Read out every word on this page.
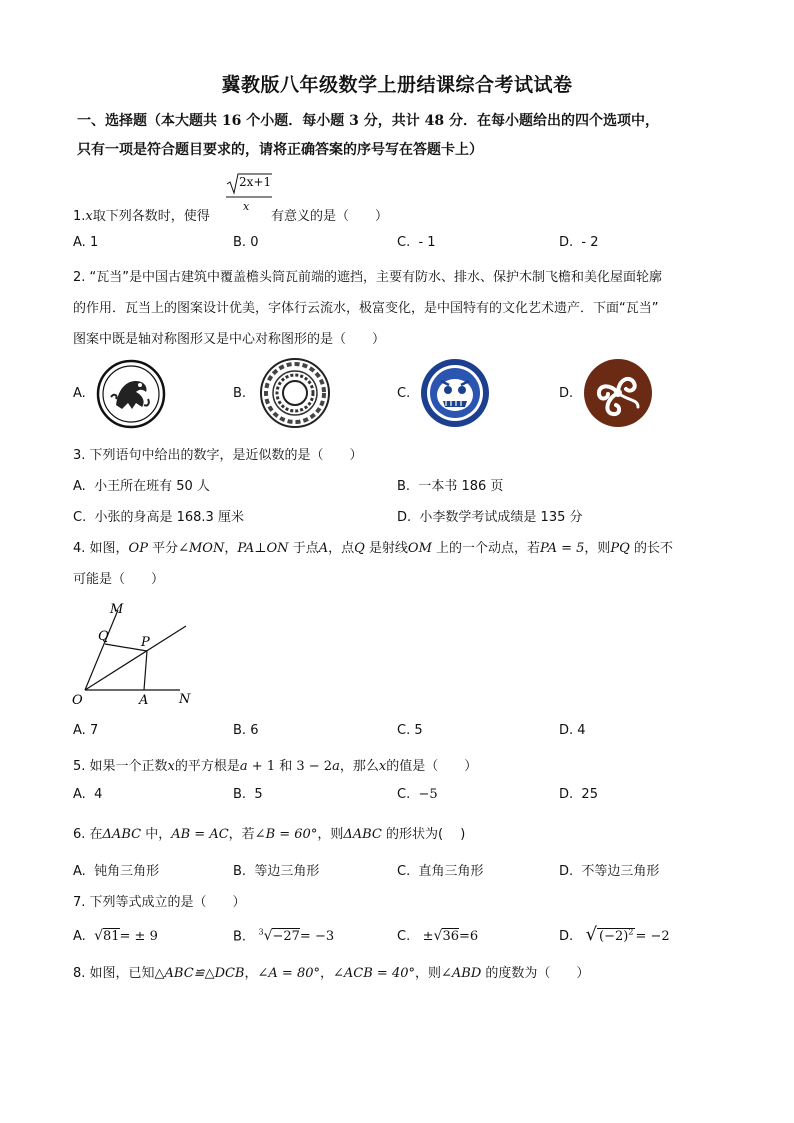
冀教版八年级数学上册结课综合考试试卷
一、选择题（本大题共 16 个小题．每小题 3 分，共计 48 分．在每小题给出的四个选项中，
只有一项是符合题目要求的，请将正确答案的序号写在答题卡上）
1.x取下列各数时，使得
2x+1
x
有意义的是（　　）
A. 1	B. 0	C. - 1	D. - 2
2. “瓦当”是中国古建筑中覆盖檐头筒瓦前端的遮挡，主要有防水、排水、保护木制飞檐和美化屋面轮廓
的作用．瓦当上的图案设计优美，字体行云流水，极富变化，是中国特有的文化艺术遗产．下面“瓦当”
图案中既是轴对称图形又是中心对称图形的是（　　）
A.	B.	C.	D.
3. 下列语句中给出的数字，是近似数的是（　　）
A. 小王所在班有 50 人	B. 一本书 186 页
C. 小张的身高是 168.3 厘米	D. 小李数学考试成绩是 135 分
4. 如图，OP 平分∠MON，PA⊥ON 于点A，点Q 是射线OM 上的一个动点，若PA = 5，则PQ 的长不
可能是（　　）
M
Q P
O	A N
A. 7	B. 6	C. 5	D. 4
5. 如果一个正数x的平方根是a + 1 和 3 − 2a，那么x的值是（　　）
A. 4	B. 5	C. −5	D. 25
6. 在ΔABC 中，AB = AC，若∠B = 60°，则ΔABC 的形状为(　 )
A. 钝角三角形	B. 等边三角形	C. 直角三角形	D. 不等边三角形
7. 下列等式成立的是（　　）
A. √81= ± 9	B. $^3$√−27= −3	C. ±√36=6	D. √ $(-2)^2 = -2$
8. 如图，已知△ABC≌△DCB，∠A = 80°，∠ACB = 40°，则∠ABD 的度数为（　　）
